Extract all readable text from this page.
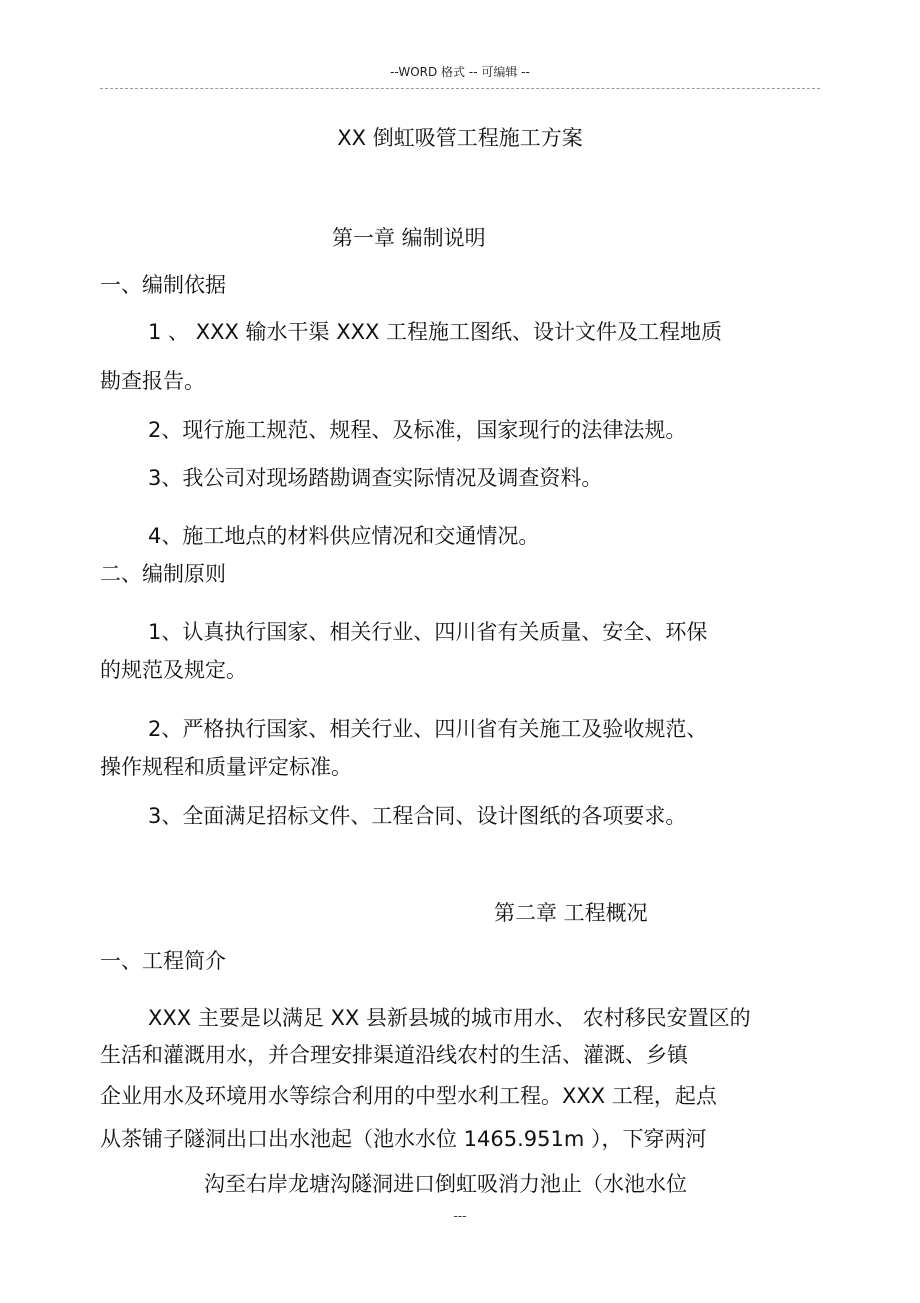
--WORD 格式 -- 可编辑 --
XX 倒虹吸管工程施工方案
第一章 编制说明
一、编制依据
1 、 XXX 输水干渠 XXX 工程施工图纸、设计文件及工程地质
勘查报告。
2、现行施工规范、规程、及标准，国家现行的法律法规。
3、我公司对现场踏勘调查实际情况及调查资料。
4、施工地点的材料供应情况和交通情况。
二、编制原则
1、认真执行国家、相关行业、四川省有关质量、安全、环保
的规范及规定。
2、严格执行国家、相关行业、四川省有关施工及验收规范、
操作规程和质量评定标准。
3、全面满足招标文件、工程合同、设计图纸的各项要求。
第二章 工程概况
一、工程简介
XXX 主要是以满足 XX 县新县城的城市用水、 农村移民安置区的
生活和灌溉用水，并合理安排渠道沿线农村的生活、灌溉、乡镇
企业用水及环境用水等综合利用的中型水利工程。XXX 工程，起点
从茶铺子隧洞出口出水池起（池水水位 1465.951m ），下穿两河
沟至右岸龙塘沟隧洞进口倒虹吸消力池止（水池水位
---
